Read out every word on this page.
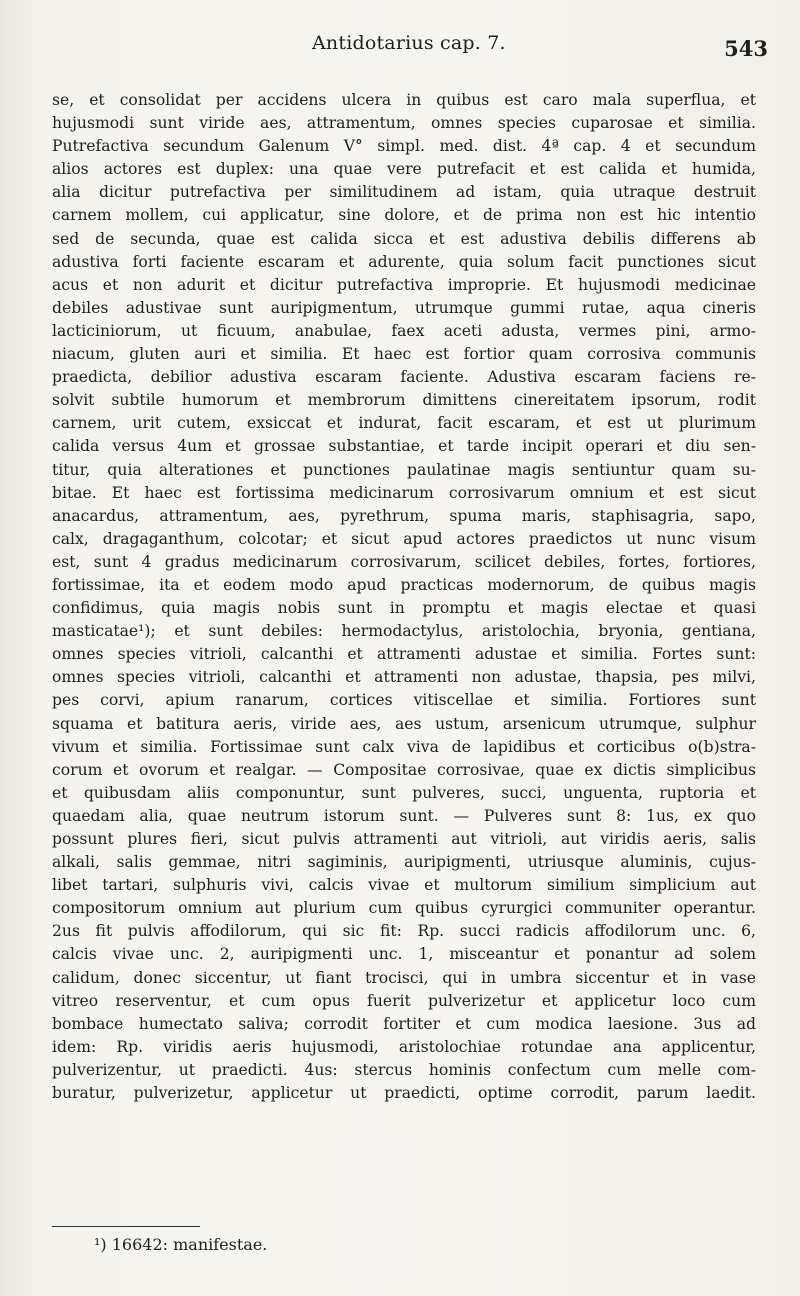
Antidotarius cap. 7.	543
se, et consolidat per accidens ulcera in quibus est caro mala superflua, et
hujusmodi sunt viride aes, attramentum, omnes species cuparosae et similia.
Putrefactiva secundum Galenum V° simpl. med. dist. 4ª cap. 4 et secundum
alios actores est duplex: una quae vere putrefacit et est calida et humida,
alia dicitur putrefactiva per similitudinem ad istam, quia utraque destruit
carnem mollem, cui applicatur, sine dolore, et de prima non est hic intentio
sed de secunda, quae est calida sicca et est adustiva debilis differens ab
adustiva forti faciente escaram et adurente, quia solum facit punctiones sicut
acus et non adurit et dicitur putrefactiva improprie. Et hujusmodi medicinae
debiles adustivae sunt auripigmentum, utrumque gummi rutae, aqua cineris
lacticiniorum, ut ficuum, anabulae, faex aceti adusta, vermes pini, armo-
niacum, gluten auri et similia. Et haec est fortior quam corrosiva communis
praedicta, debilior adustiva escaram faciente. Adustiva escaram faciens re-
solvit subtile humorum et membrorum dimittens cinereitatem ipsorum, rodit
carnem, urit cutem, exsiccat et indurat, facit escaram, et est ut plurimum
calida versus 4um et grossae substantiae, et tarde incipit operari et diu sen-
titur, quia alterationes et punctiones paulatinae magis sentiuntur quam su-
bitae. Et haec est fortissima medicinarum corrosivarum omnium et est sicut
anacardus, attramentum, aes, pyrethrum, spuma maris, staphisagria, sapo,
calx, dragaganthum, colcotar; et sicut apud actores praedictos ut nunc visum
est, sunt 4 gradus medicinarum corrosivarum, scilicet debiles, fortes, fortiores,
fortissimae, ita et eodem modo apud practicas modernorum, de quibus magis
confidimus, quia magis nobis sunt in promptu et magis electae et quasi
masticatae¹); et sunt debiles: hermodactylus, aristolochia, bryonia, gentiana,
omnes species vitrioli, calcanthi et attramenti adustae et similia. Fortes sunt:
omnes species vitrioli, calcanthi et attramenti non adustae, thapsia, pes milvi,
pes corvi, apium ranarum, cortices vitiscellae et similia. Fortiores sunt
squama et batitura aeris, viride aes, aes ustum, arsenicum utrumque, sulphur
vivum et similia. Fortissimae sunt calx viva de lapidibus et corticibus o(b)stra-
corum et ovorum et realgar. — Compositae corrosivae, quae ex dictis simplicibus
et quibusdam aliis componuntur, sunt pulveres, succi, unguenta, ruptoria et
quaedam alia, quae neutrum istorum sunt. — Pulveres sunt 8: 1us, ex quo
possunt plures fieri, sicut pulvis attramenti aut vitrioli, aut viridis aeris, salis
alkali, salis gemmae, nitri sagiminis, auripigmenti, utriusque aluminis, cujus-
libet tartari, sulphuris vivi, calcis vivae et multorum similium simplicium aut
compositorum omnium aut plurium cum quibus cyrurgici communiter operantur.
2us fit pulvis affodilorum, qui sic fit: Rp. succi radicis affodilorum unc. 6,
calcis vivae unc. 2, auripigmenti unc. 1, misceantur et ponantur ad solem
calidum, donec siccentur, ut fiant trocisci, qui in umbra siccentur et in vase
vitreo reserventur, et cum opus fuerit pulverizetur et applicetur loco cum
bombace humectato saliva; corrodit fortiter et cum modica laesione. 3us ad
idem: Rp. viridis aeris hujusmodi, aristolochiae rotundae ana applicentur,
pulverizentur, ut praedicti. 4us: stercus hominis confectum cum melle com-
buratur, pulverizetur, applicetur ut praedicti, optime corrodit, parum laedit.
¹) 16642: manifestae.
